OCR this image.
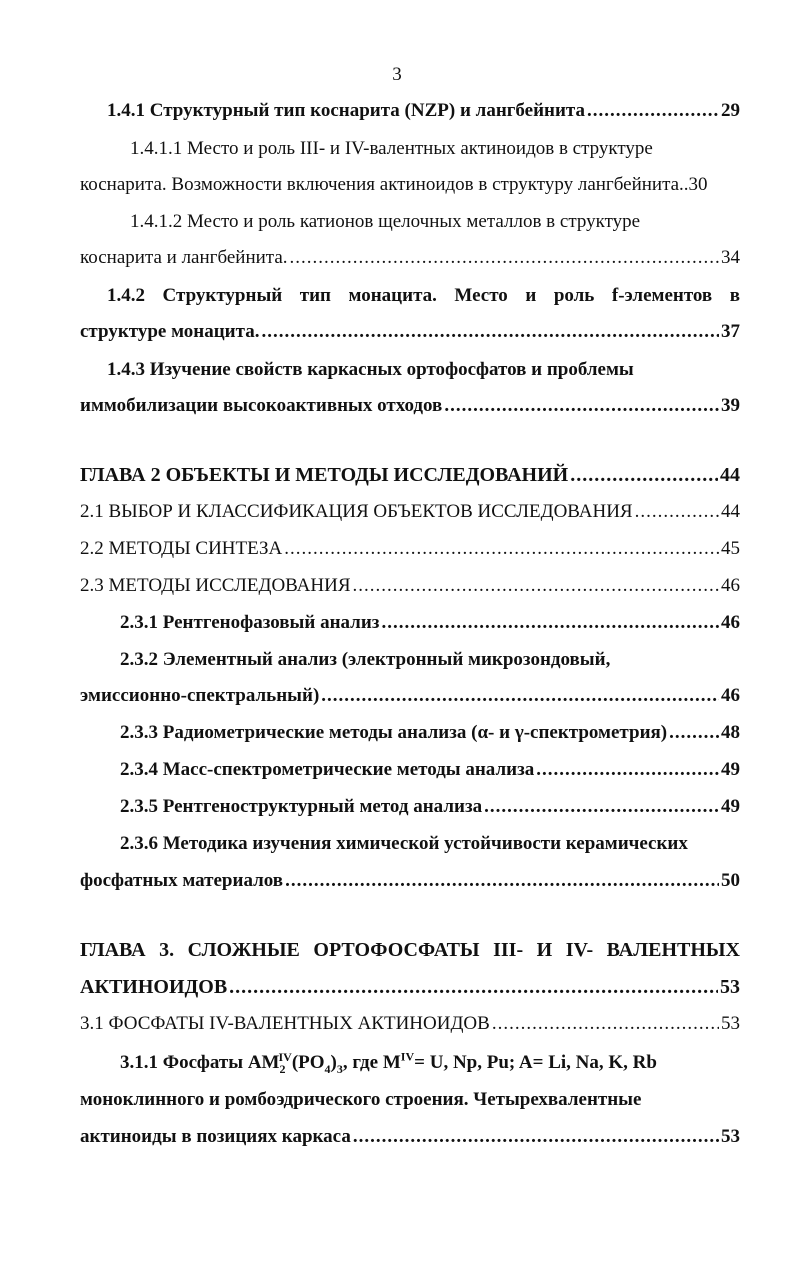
3
1.4.1 Структурный тип коснарита (NZP) и лангбейнита .....	29
1.4.1.1 Место и роль III- и IV-валентных актиноидов в структуре
коснарита. Возможности включения актиноидов в структуру лангбейнита.. 30
1.4.1.2 Место и роль катионов щелочных металлов в структуре
коснарита и лангбейнита. .....	34
1.4.2 Структурный тип монацита. Место и роль f-элементов в
структуре монацита. .....	37
1.4.3 Изучение свойств каркасных ортофосфатов и проблемы
иммобилизации высокоактивных отходов .....	39
ГЛАВА 2 ОБЪЕКТЫ И МЕТОДЫ ИССЛЕДОВАНИЙ .....	44
2.1 ВЫБОР И КЛАССИФИКАЦИЯ ОБЪЕКТОВ ИССЛЕДОВАНИЯ .....	44
2.2 МЕТОДЫ СИНТЕЗА .....	45
2.3 МЕТОДЫ ИССЛЕДОВАНИЯ .....	46
2.3.1 Рентгенофазовый анализ .....	46
2.3.2 Элементный анализ (электронный микрозондовый,
эмиссионно-спектральный) .....	46
2.3.3 Радиометрические методы анализа (α- и γ-спектрометрия) .....	48
2.3.4 Масс-спектрометрические методы анализа .....	49
2.3.5 Рентгеноструктурный метод анализа .....	49
2.3.6 Методика изучения химической устойчивости керамических
фосфатных материалов .....	50
ГЛАВА 3. СЛОЖНЫЕ ОРТОФОСФАТЫ III- И IV- ВАЛЕНТНЫХ
АКТИНОИДОВ .....	53
3.1 ФОСФАТЫ IV-ВАЛЕНТНЫХ АКТИНОИДОВ .....	53
3.1.1 Фосфаты $AM_2^{IV}(PO_4)_3$, где $M^{IV}= U$, Np, Pu; A= Li, Na, K, Rb
моноклинного и ромбоэдрического строения. Четырехвалентные
актиноиды в позициях каркаса .....	53
